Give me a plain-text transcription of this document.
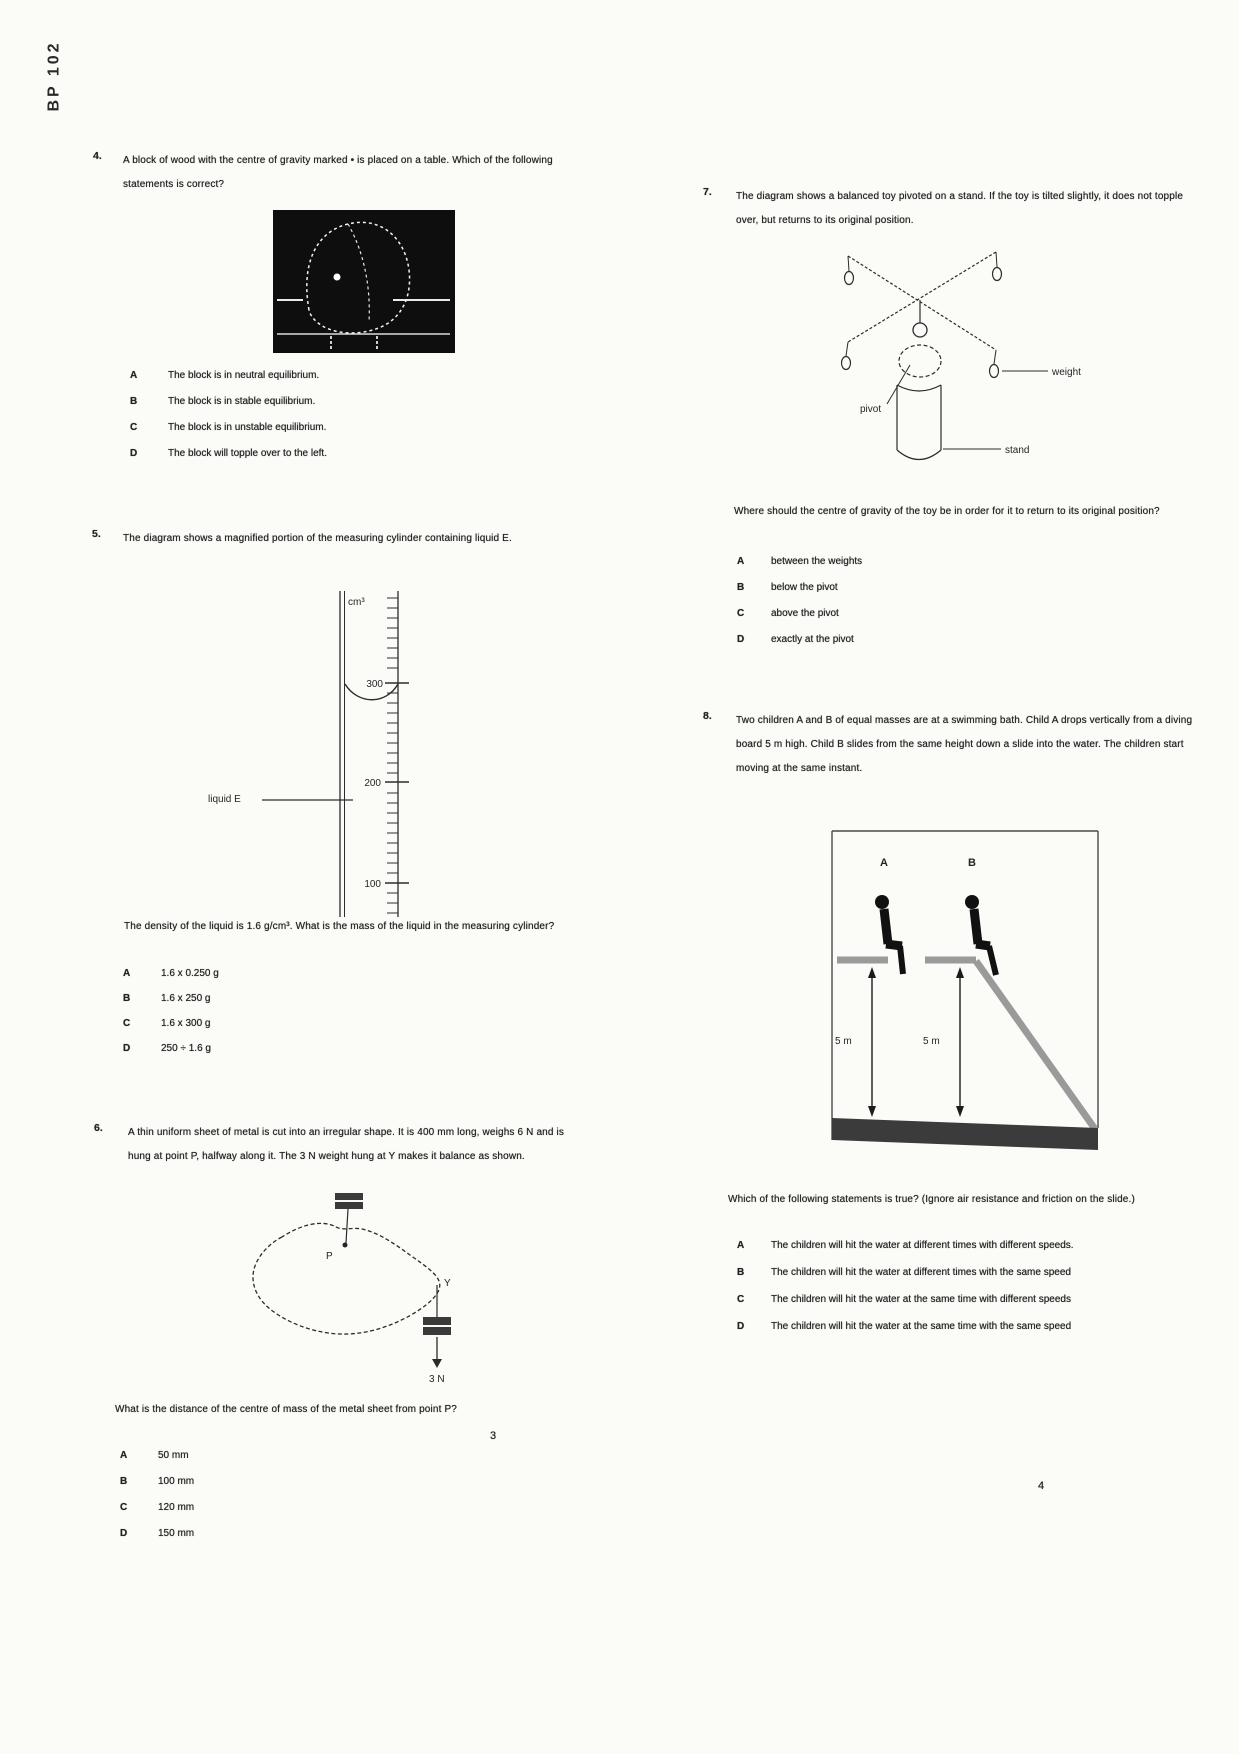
BP 102
4. A block of wood with the centre of gravity marked • is placed on a table. Which of the following statements is correct?
A	The block is in neutral equilibrium.
B	The block is in stable equilibrium.
C	The block is in unstable equilibrium.
D	The block will topple over to the left.
5. The diagram shows a magnified portion of the measuring cylinder containing liquid E.
cm³
300
200
100
liquid E
The density of the liquid is 1.6 g/cm³. What is the mass of the liquid in the measuring cylinder?
A	1.6 x 0.250 g
B	1.6 x 250 g
C	1.6 x 300 g
D	250 ÷ 1.6 g
6.	A thin uniform sheet of metal is cut into an irregular shape. It is 400 mm long, weighs 6 N and is hung at point P, halfway along it. The 3 N weight hung at Y makes it balance as shown.
P
Y
3 N
What is the distance of the centre of mass of the metal sheet from point P?
A	50 mm
B	100 mm
C	120 mm
D	150 mm
3
7. The diagram shows a balanced toy pivoted on a stand. If the toy is tilted slightly, it does not topple over, but returns to its original position.
pivot
weight
stand
Where should the centre of gravity of the toy be in order for it to return to its original position?
A	between the weights
B	below the pivot
C	above the pivot
D	exactly at the pivot
8. Two children A and B of equal masses are at a swimming bath. Child A drops vertically from a diving board 5 m high. Child B slides from the same height down a slide into the water. The children start moving at the same instant.
A	B
5 m	5 m
Which of the following statements is true? (Ignore air resistance and friction on the slide.)
A	The children will hit the water at different times with different speeds.
B	The children will hit the water at different times with the same speed
C	The children will hit the water at the same time with different speeds
D	The children will hit the water at the same time with the same speed
4
